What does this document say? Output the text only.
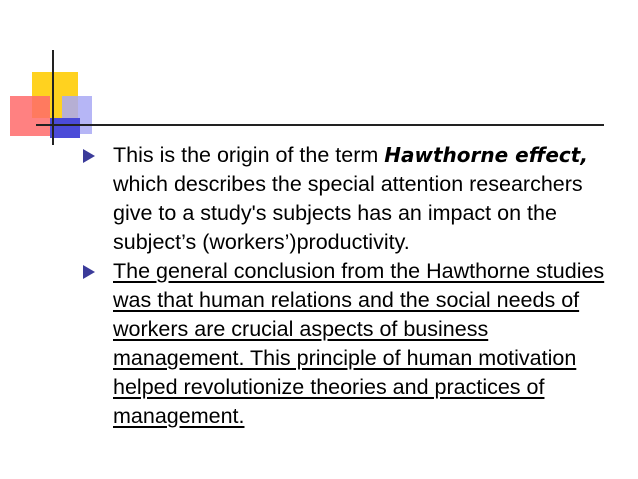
This is the origin of the term Hawthorne effect, which describes the special attention researchers give to a study's subjects has an impact on the subject’s (workers’)productivity.
The general conclusion from the Hawthorne studies was that human relations and the social needs of workers are crucial aspects of business management. This principle of human motivation helped revolutionize theories and practices of management.
